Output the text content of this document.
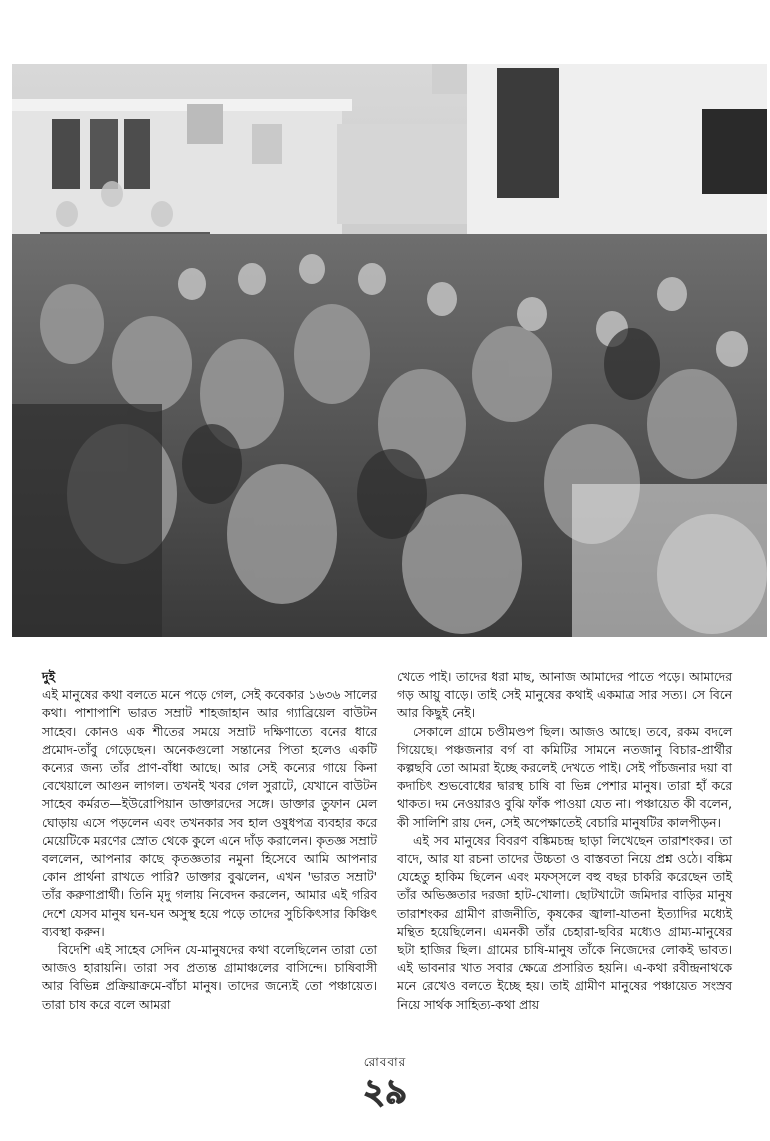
দুই

এই মানুষের কথা বলতে মনে পড়ে গেল, সেই কবেকার ১৬৩৬ সালের কথা। পাশাপাশি ভারত সম্রাট শাহজাহান আর গ্যাব্রিয়েল বাউটন সাহেব। কোনও এক শীতের সময়ে সম্রাট দক্ষিণাত্যে বনের ধারে প্রমোদ-তাঁবু গেড়েছেন। অনেকগুলো সন্তানের পিতা হলেও একটি কন্যের জন্য তাঁর প্রাণ-বাঁধা আছে। আর সেই কন্যের গায়ে কিনা বেখেয়ালে আগুন লাগল। তখনই খবর গেল সুরাটে, যেখানে বাউটন সাহেব কর্মরত—ইউরোপিয়ান ডাক্তারদের সঙ্গে। ডাক্তার তুফান মেল ঘোড়ায় এসে পড়লেন এবং তখনকার সব হাল ওষুধপত্র ব্যবহার করে মেয়েটিকে মরণের স্রোত থেকে কুলে এনে দাঁড় করালেন। কৃতজ্ঞ সম্রাট বললেন, আপনার কাছে কৃতজ্ঞতার নমুনা হিসেবে আমি আপনার কোন প্রার্থনা রাখতে পারি? ডাক্তার বুঝলেন, এখন 'ভারত সম্রাট' তাঁর করুণাপ্রার্থী। তিনি মৃদু গলায় নিবেদন করলেন, আমার এই গরিব দেশে যেসব মানুষ ঘন-ঘন অসুস্থ হয়ে পড়ে তাদের সুচিকিৎসার কিঞ্চিৎ ব্যবস্থা করুন।

বিদেশি এই সাহেব সেদিন যে-মানুষদের কথা বলেছিলেন তারা তো আজও হারায়নি। তারা সব প্রত্যন্ত গ্রামাঞ্চলের বাসিন্দে। চাষিবাসী আর বিভিন্ন প্রক্রিয়াক্রমে-বাঁচা মানুষ। তাদের জন্যেই তো পঞ্চায়েত। তারা চাষ করে বলে আমরা

খেতে পাই। তাদের ধরা মাছ, আনাজ আমাদের পাতে পড়ে। আমাদের গড় আয়ু বাড়ে। তাই সেই মানুষের কথাই একমাত্র সার সত্য। সে বিনে আর কিছুই নেই।

সেকালে গ্রামে চণ্ডীমণ্ডপ ছিল। আজও আছে। তবে, রকম বদলে গিয়েছে। পঞ্চজনার বর্গ বা কমিটির সামনে নতজানু বিচার-প্রার্থীর কল্পছবি তো আমরা ইচ্ছে করলেই দেখতে পাই। সেই পাঁচজনার দয়া বা কদাচিৎ শুভবোধের দ্বারস্থ চাষি বা ভিন্ন পেশার মানুষ। তারা হাঁ করে থাকত। দম নেওয়ারও বুঝি ফাঁক পাওয়া যেত না। পঞ্চায়েত কী বলেন, কী সালিশি রায় দেন, সেই অপেক্ষাতেই বেচারি মানুষটির কালপীড়ন।

এই সব মানুষের বিবরণ বঙ্কিমচন্দ্র ছাড়া লিখেছেন তারাশংকর। তা বাদে, আর যা রচনা তাদের উচ্চতা ও বাস্তবতা নিয়ে প্রশ্ন ওঠে। বঙ্কিম যেহেতু হাকিম ছিলেন এবং মফস্সলে বহু বছর চাকরি করেছেন তাই তাঁর অভিজ্ঞতার দরজা হাট-খোলা। ছোটখাটো জমিদার বাড়ির মানুষ তারাশংকর গ্রামীণ রাজনীতি, কৃষকের জ্বালা-যাতনা ইত্যাদির মধ্যেই মন্থিত হয়েছিলেন। এমনকী তাঁর চেহারা-ছবির মধ্যেও গ্রাম্য-মানুষের ছটা হাজির ছিল। গ্রামের চাষি-মানুষ তাঁকে নিজেদের লোকই ভাবত। এই ভাবনার খাত সবার ক্ষেত্রে প্রসারিত হয়নি। এ-কথা রবীন্দ্রনাথকে মনে রেখেও বলতে ইচ্ছে হয়। তাই গ্রামীণ মানুষের পঞ্চায়েত সংস্রব নিয়ে সার্থক সাহিত্য-কথা প্রায়

রোববার
২৯
